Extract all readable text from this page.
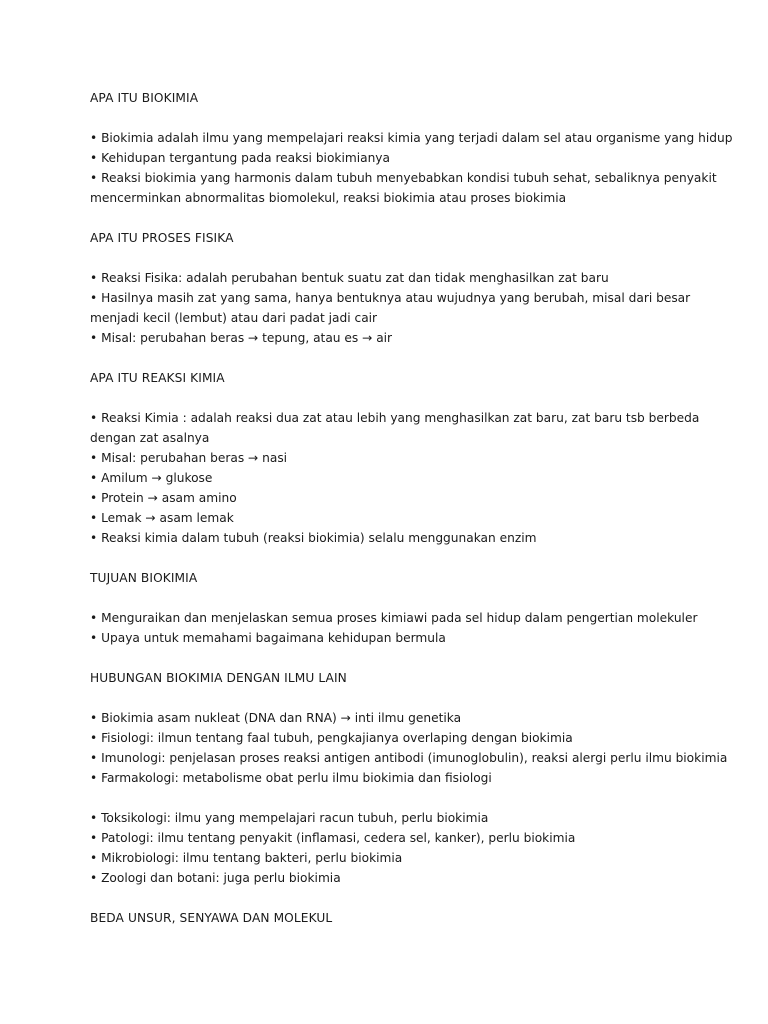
APA ITU BIOKIMIA
• Biokimia adalah ilmu yang mempelajari reaksi kimia yang terjadi dalam sel atau organisme yang hidup
• Kehidupan tergantung pada reaksi biokimianya
• Reaksi biokimia yang harmonis dalam tubuh menyebabkan kondisi tubuh sehat, sebaliknya penyakit
mencerminkan abnormalitas biomolekul, reaksi biokimia atau proses biokimia
APA ITU PROSES FISIKA
• Reaksi Fisika: adalah perubahan bentuk suatu zat dan tidak menghasilkan zat baru
• Hasilnya masih zat yang sama, hanya bentuknya atau wujudnya yang berubah, misal dari besar
menjadi kecil (lembut) atau dari padat jadi cair
• Misal: perubahan beras → tepung, atau es → air
APA ITU REAKSI KIMIA
• Reaksi Kimia : adalah reaksi dua zat atau lebih yang menghasilkan zat baru, zat baru tsb berbeda
dengan zat asalnya
• Misal: perubahan beras → nasi
• Amilum → glukose
• Protein → asam amino
• Lemak → asam lemak
• Reaksi kimia dalam tubuh (reaksi biokimia) selalu menggunakan enzim
TUJUAN BIOKIMIA
• Menguraikan dan menjelaskan semua proses kimiawi pada sel hidup dalam pengertian molekuler
• Upaya untuk memahami bagaimana kehidupan bermula
HUBUNGAN BIOKIMIA DENGAN ILMU LAIN
• Biokimia asam nukleat (DNA dan RNA) → inti ilmu genetika
• Fisiologi: ilmun tentang faal tubuh, pengkajianya overlaping dengan biokimia
• Imunologi: penjelasan proses reaksi antigen antibodi (imunoglobulin), reaksi alergi perlu ilmu biokimia
• Farmakologi: metabolisme obat perlu ilmu biokimia dan fisiologi
• Toksikologi: ilmu yang mempelajari racun tubuh, perlu biokimia
• Patologi: ilmu tentang penyakit (inflamasi, cedera sel, kanker), perlu biokimia
• Mikrobiologi: ilmu tentang bakteri, perlu biokimia
• Zoologi dan botani: juga perlu biokimia
BEDA UNSUR, SENYAWA DAN MOLEKUL
